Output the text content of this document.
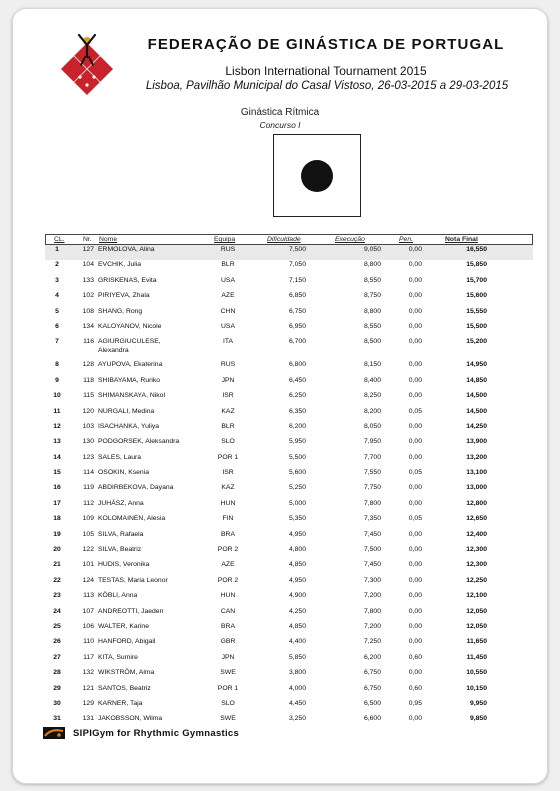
FEDERAÇÃO DE GINÁSTICA DE PORTUGAL
Lisbon International Tournament 2015
Lisboa, Pavilhão Municipal do Casal Vistoso, 26-03-2015 a 29-03-2015
Ginástica Rítmica
Concurso I
CL.	Nr. Nome	Equipa	Dificuldade	Execução	Pen.	Nota Final
1	127 ERMOLOVA, Alina	RUS	7,500	9,050	0,00	16,550
2	104 EVCHIK, Julia	BLR	7,050	8,800	0,00	15,850
3	133 GRISKENAS, Evita	USA	7,150	8,550	0,00	15,700
4	102 PIRIYEVA, Zhala	AZE	6,850	8,750	0,00	15,600
5	108 SHANG, Rong	CHN	6,750	8,800	0,00	15,550
6	134 KALOYANOV, Nicole	USA	6,950	8,550	0,00	15,500
7	116 AGIURGIUCULESE,
Alexandra
ITA	6,700	8,500	0,00	15,200
8	128 AYUPOVA, Ekaterina	RUS	6,800	8,150	0,00	14,950
9	118 SHIBAYAMA, Ruriko	JPN	6,450	8,400	0,00	14,850
10	115 SHIMANSKAYA, Nikol	ISR	6,250	8,250	0,00	14,500
11	120 NURGALI, Medina	KAZ	6,350	8,200	0,05	14,500
12	103 ISACHANKA, Yuliya	BLR	6,200	8,050	0,00	14,250
13	130 PODGORSEK, Aleksandra	SLO	5,950	7,950	0,00	13,900
14	123 SALES, Laura	POR 1	5,500	7,700	0,00	13,200
15	114 OSOKIN, Ksenia	ISR	5,600	7,550	0,05	13,100
16	119 ABDIRBEKOVA, Dayana	KAZ	5,250	7,750	0,00	13,000
17	112 JUHÁSZ, Anna	HUN	5,000	7,800	0,00	12,800
18	109 KOLOMAINEN, Alesia	FIN	5,350	7,350	0,05	12,650
19	105 SILVA, Rafaela	BRA	4,950	7,450	0,00	12,400
20	122 SILVA, Beatriz	POR 2	4,800	7,500	0,00	12,300
21	101 HUDIS, Veronika	AZE	4,850	7,450	0,00	12,300
22	124 TESTAS, Maria Leonor	POR 2	4,950	7,300	0,00	12,250
23	113 KÖBLI, Anna	HUN	4,900	7,200	0,00	12,100
24	107 ANDREOTTI, Jaeden	CAN	4,250	7,800	0,00	12,050
25	106 WALTER, Karine	BRA	4,850	7,200	0,00	12,050
26	110 HANFORD, Abigail	GBR	4,400	7,250	0,00	11,650
27	117 KITA, Sumire	JPN	5,850	6,200	0,60	11,450
28	132 WIKSTRÖM, Alma	SWE	3,800	6,750	0,00	10,550
29	121 SANTOS, Beatriz	POR 1	4,000	6,750	0,60	10,150
30	129 KARNER, Taja	SLO	4,450	6,500	0,95	9,950
31	131 JAKOBSSON, Wilma	SWE	3,250	6,600	0,00	9,850
SIPIGym for Rhythmic Gymnastics
